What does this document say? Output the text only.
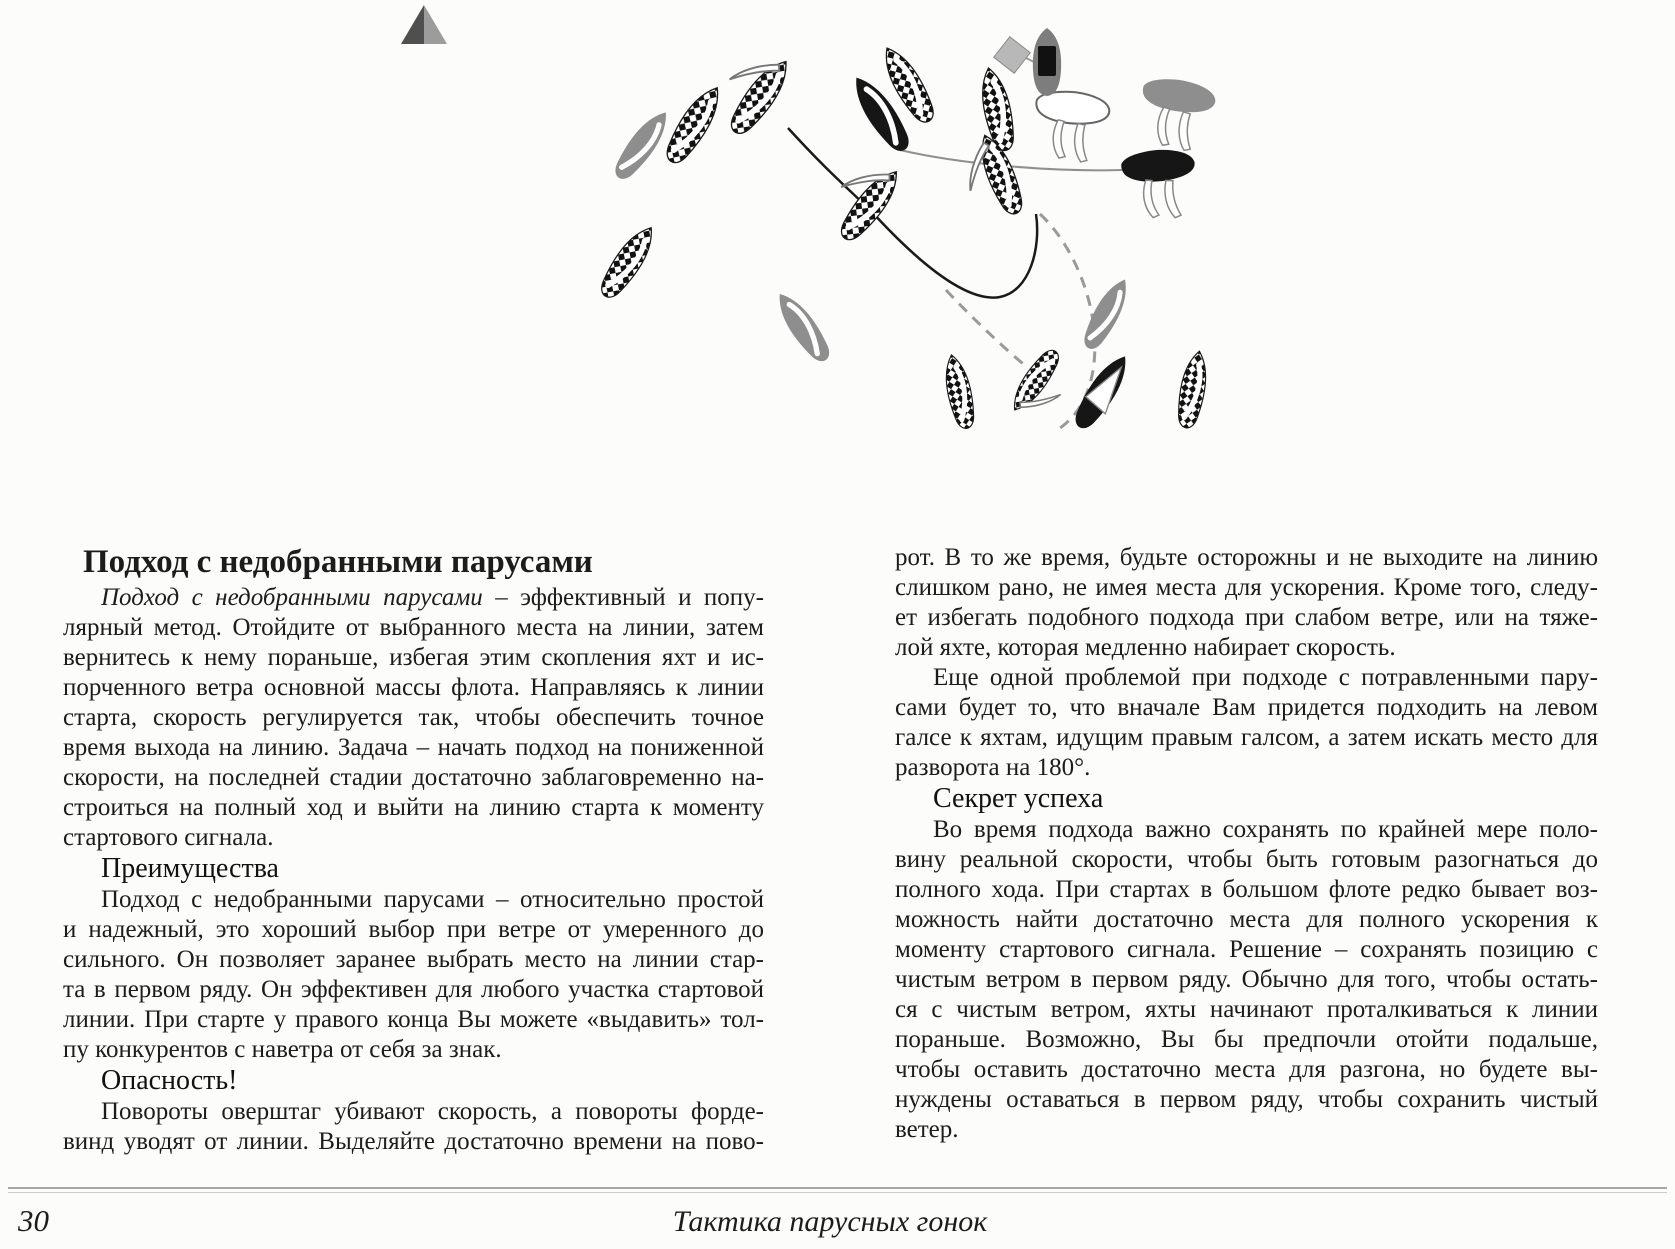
Подход с недобранными парусами
Подход с недобранными парусами – эффективный и попу-
лярный метод. Отойдите от выбранного места на линии, затем
вернитесь к нему пораньше, избегая этим скопления яхт и ис-
порченного ветра основной массы флота. Направляясь к линии
старта, скорость регулируется так, чтобы обеспечить точное
время выхода на линию. Задача – начать подход на пониженной
скорости, на последней стадии достаточно заблаговременно на-
строиться на полный ход и выйти на линию старта к моменту
стартового сигнала.
Преимущества
Подход с недобранными парусами – относительно простой
и надежный, это хороший выбор при ветре от умеренного до
сильного. Он позволяет заранее выбрать место на линии стар-
та в первом ряду. Он эффективен для любого участка стартовой
линии. При старте у правого конца Вы можете «выдавить» тол-
пу конкурентов с наветра от себя за знак.
Опасность!
Повороты оверштаг убивают скорость, а повороты форде-
винд уводят от линии. Выделяйте достаточно времени на пово-
рот. В то же время, будьте осторожны и не выходите на линию
слишком рано, не имея места для ускорения. Кроме того, следу-
ет избегать подобного подхода при слабом ветре, или на тяже-
лой яхте, которая медленно набирает скорость.
Еще одной проблемой при подходе с потравленными пару-
сами будет то, что вначале Вам придется подходить на левом
галсе к яхтам, идущим правым галсом, а затем искать место для
разворота на 180°.
Секрет успеха
Во время подхода важно сохранять по крайней мере поло-
вину реальной скорости, чтобы быть готовым разогнаться до
полного хода. При стартах в большом флоте редко бывает воз-
можность найти достаточно места для полного ускорения к
моменту стартового сигнала. Решение – сохранять позицию с
чистым ветром в первом ряду. Обычно для того, чтобы остать-
ся с чистым ветром, яхты начинают проталкиваться к линии
пораньше. Возможно, Вы бы предпочли отойти подальше,
чтобы оставить достаточно места для разгона, но будете вы-
нуждены оставаться в первом ряду, чтобы сохранить чистый
ветер.
30	Тактика парусных гонок
